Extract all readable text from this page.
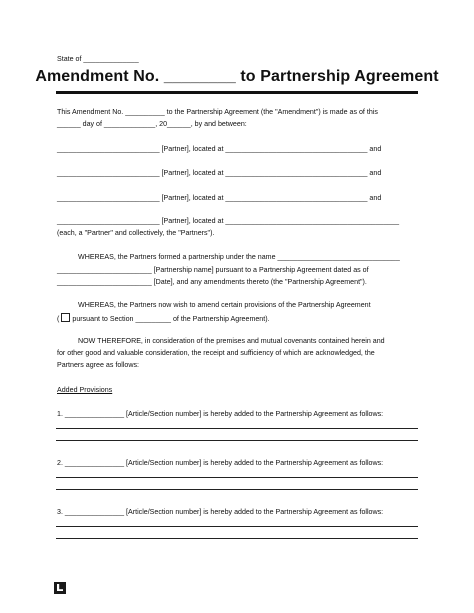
State of ______________
Amendment No. ________ to Partnership Agreement
This Amendment No. __________ to the Partnership Agreement (the "Amendment") is made as of this
______ day of _____________, 20______, by and between:
__________________________ [Partner], located at ____________________________________ and
__________________________ [Partner], located at ____________________________________ and
__________________________ [Partner], located at ____________________________________ and
__________________________ [Partner], located at ____________________________________________
(each, a "Partner" and collectively, the "Partners").
WHEREAS, the Partners formed a partnership under the name _______________________________
________________________ [Partnership name] pursuant to a Partnership Agreement dated as of
________________________ [Date], and any amendments thereto (the "Partnership Agreement").
WHEREAS, the Partners now wish to amend certain provisions of the Partnership Agreement
( pursuant to Section _________ of the Partnership Agreement).
NOW THEREFORE, in consideration of the premises and mutual covenants contained herein and
for other good and valuable consideration, the receipt and sufficiency of which are acknowledged, the
Partners agree as follows:
Added Provisions
1. _______________ [Article/Section number] is hereby added to the Partnership Agreement as follows:
2. _______________ [Article/Section number] is hereby added to the Partnership Agreement as follows:
3. _______________ [Article/Section number] is hereby added to the Partnership Agreement as follows:
